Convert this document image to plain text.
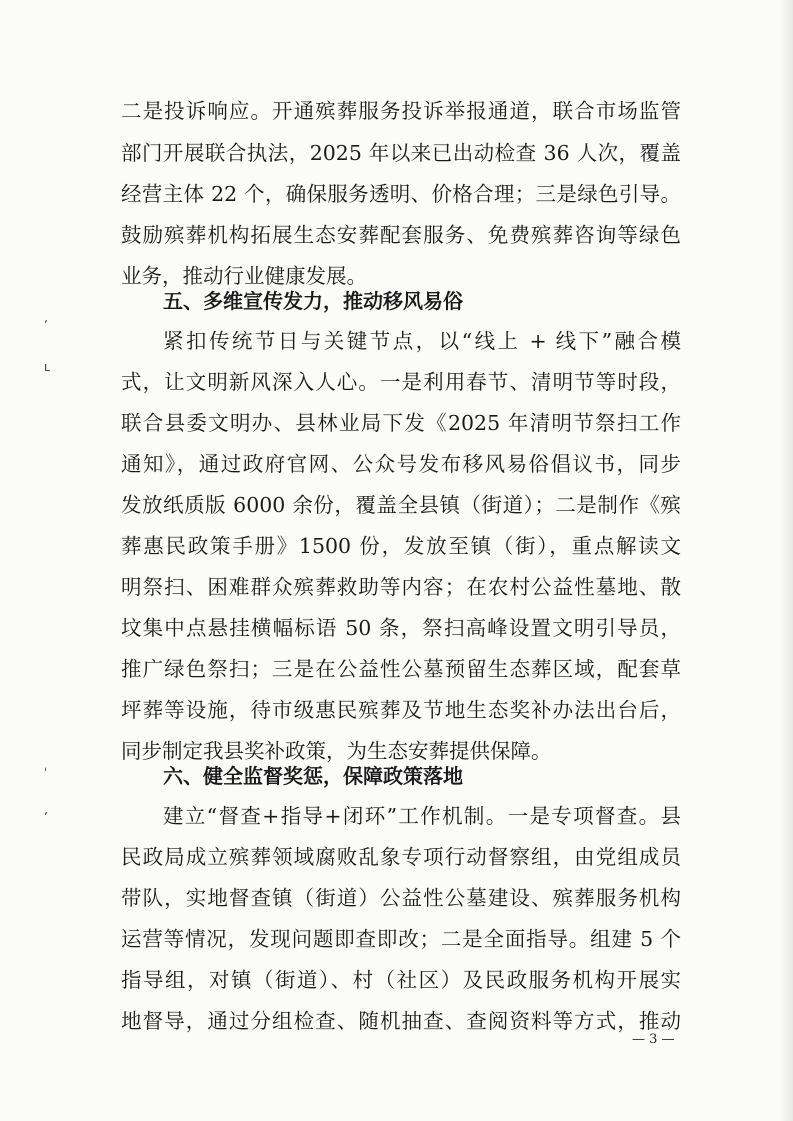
ʼ
ʟ
ˈ
ʼ
二是投诉响应。开通殡葬服务投诉举报通道，联合市场监管
部门开展联合执法，2025 年以来已出动检查 36 人次，覆盖
经营主体 22 个，确保服务透明、价格合理；三是绿色引导。
鼓励殡葬机构拓展生态安葬配套服务、免费殡葬咨询等绿色
业务，推动行业健康发展。
五、多维宣传发力，推动移风易俗
紧扣传统节日与关键节点，以“线上 + 线下”融合模
式，让文明新风深入人心。一是利用春节、清明节等时段，
联合县委文明办、县林业局下发《2025 年清明节祭扫工作
通知》，通过政府官网、公众号发布移风易俗倡议书，同步
发放纸质版 6000 余份，覆盖全县镇（街道）；二是制作《殡
葬惠民政策手册》1500 份，发放至镇（街），重点解读文
明祭扫、困难群众殡葬救助等内容；在农村公益性墓地、散
坟集中点悬挂横幅标语 50 条，祭扫高峰设置文明引导员，
推广绿色祭扫；三是在公益性公墓预留生态葬区域，配套草
坪葬等设施，待市级惠民殡葬及节地生态奖补办法出台后，
同步制定我县奖补政策，为生态安葬提供保障。
六、健全监督奖惩，保障政策落地
建立“督查+指导+闭环”工作机制。一是专项督查。县
民政局成立殡葬领域腐败乱象专项行动督察组，由党组成员
带队，实地督查镇（街道）公益性公墓建设、殡葬服务机构
运营等情况，发现问题即查即改；二是全面指导。组建 5 个
指导组，对镇（街道）、村（社区）及民政服务机构开展实
地督导，通过分组检查、随机抽查、查阅资料等方式，推动
— 3 —
